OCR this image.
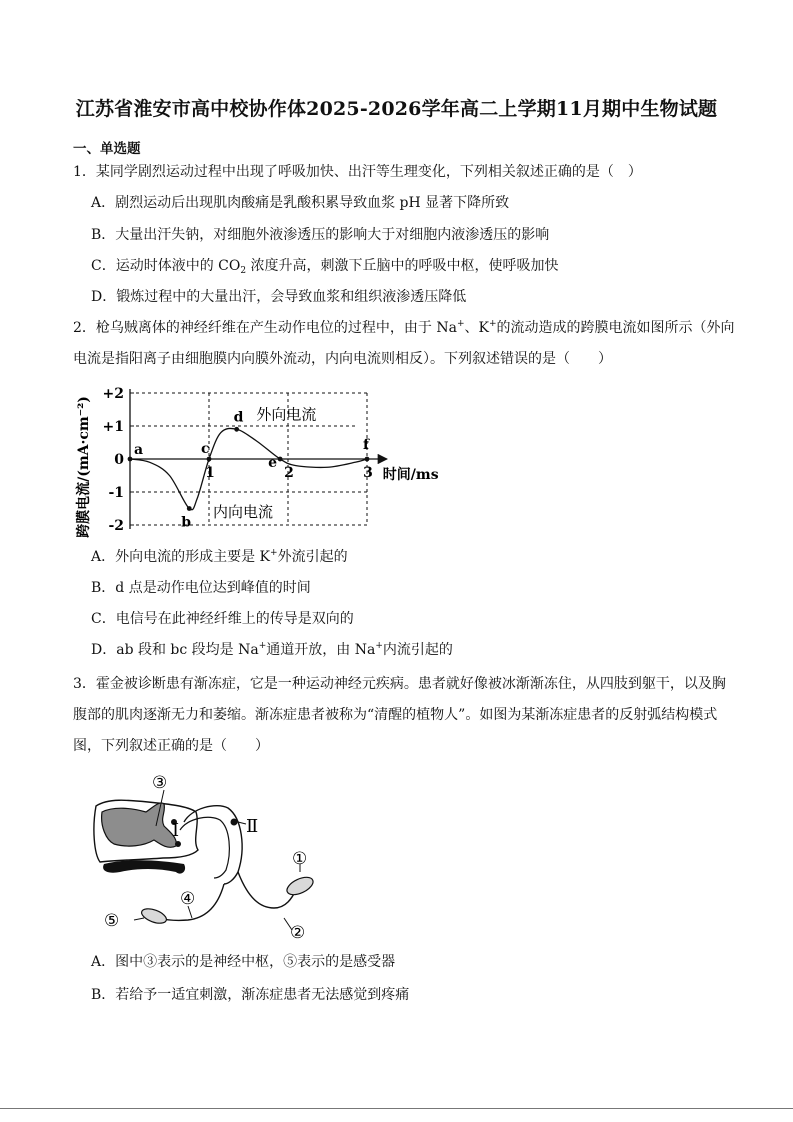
江苏省淮安市高中校协作体2025-2026学年高二上学期11月期中生物试题
一、单选题
1．某同学剧烈运动过程中出现了呼吸加快、出汗等生理变化，下列相关叙述正确的是（　）
A．剧烈运动后出现肌肉酸痛是乳酸积累导致血浆 pH 显著下降所致
B．大量出汗失钠，对细胞外液渗透压的影响大于对细胞内液渗透压的影响
C．运动时体液中的 $CO_2$ 浓度升高，刺激下丘脑中的呼吸中枢，使呼吸加快
D．锻炼过程中的大量出汗，会导致血浆和组织液渗透压降低
2．枪乌贼离体的神经纤维在产生动作电位的过程中，由于 Na+、K+的流动造成的跨膜电流如图所示（外向
电流是指阳离子由细胞膜内向膜外流动，内向电流则相反）。下列叙述错误的是（　　）
跨膜电流/(mA·cm⁻²)
+2
+1
0
-1
-2
1	2	3
a
b
c
d
e
f
时间/ms
外向电流
内向电流
A．外向电流的形成主要是 K+外流引起的
B．d 点是动作电位达到峰值的时间
C．电信号在此神经纤维上的传导是双向的
D．ab 段和 bc 段均是 Na+通道开放，由 Na+内流引起的
3．霍金被诊断患有渐冻症，它是一种运动神经元疾病。患者就好像被冰渐渐冻住，从四肢到躯干，以及胸
腹部的肌肉逐渐无力和萎缩。渐冻症患者被称为“清醒的植物人”。如图为某渐冻症患者的反射弧结构模式
图，下列叙述正确的是（　　）
③
Ⅰ	Ⅱ
①
②
④
⑤
A．图中③表示的是神经中枢，⑤表示的是感受器
B．若给予一适宜刺激，渐冻症患者无法感觉到疼痛
